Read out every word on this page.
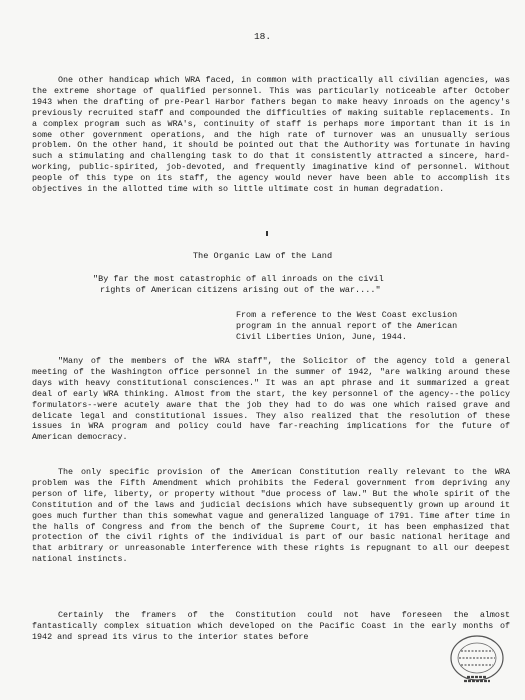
18.

One other handicap which WRA faced, in common with practically all civilian agencies, was the extreme shortage of qualified personnel. This was particularly noticeable after October 1943 when the drafting of pre-Pearl Harbor fathers began to make heavy inroads on the agency's previously recruited staff and compounded the difficulties of making suitable replacements. In a complex program such as WRA's, continuity of staff is perhaps more important than it is in some other government operations, and the high rate of turnover was an unusually serious problem. On the other hand, it should be pointed out that the Authority was fortunate in having such a stimulating and challenging task to do that it consistently attracted a sincere, hard-working, public-spirited, job-devoted, and frequently imaginative kind of personnel. Without people of this type on its staff, the agency would never have been able to accomplish its objectives in the allotted time with so little ultimate cost in human degradation.

The Organic Law of the Land
"By far the most catastrophic of all inroads on the civil
rights of American citizens arising out of the war...."
From a reference to the West Coast exclusion
program in the annual report of the American
Civil Liberties Union, June, 1944.

"Many of the members of the WRA staff", the Solicitor of the agency told a general meeting of the Washington office personnel in the summer of 1942, "are walking around these days with heavy constitutional consciences." It was an apt phrase and it summarized a great deal of early WRA thinking. Almost from the start, the key personnel of the agency--the policy formulators--were acutely aware that the job they had to do was one which raised grave and delicate legal and constitutional issues. They also realized that the resolution of these issues in WRA program and policy could have far-reaching implications for the future of American democracy.

The only specific provision of the American Constitution really relevant to the WRA problem was the Fifth Amendment which prohibits the Federal government from depriving any person of life, liberty, or property without "due process of law." But the whole spirit of the Constitution and of the laws and judicial decisions which have subsequently grown up around it goes much further than this somewhat vague and generalized language of 1791. Time after time in the halls of Congress and from the bench of the Supreme Court, it has been emphasized that protection of the civil rights of the individual is part of our basic national heritage and that arbitrary or unreasonable interference with these rights is repugnant to all our deepest national instincts.

Certainly the framers of the Constitution could not have foreseen the almost fantastically complex situation which developed on the Pacific Coast in the early months of 1942 and spread its virus to the interior states before
